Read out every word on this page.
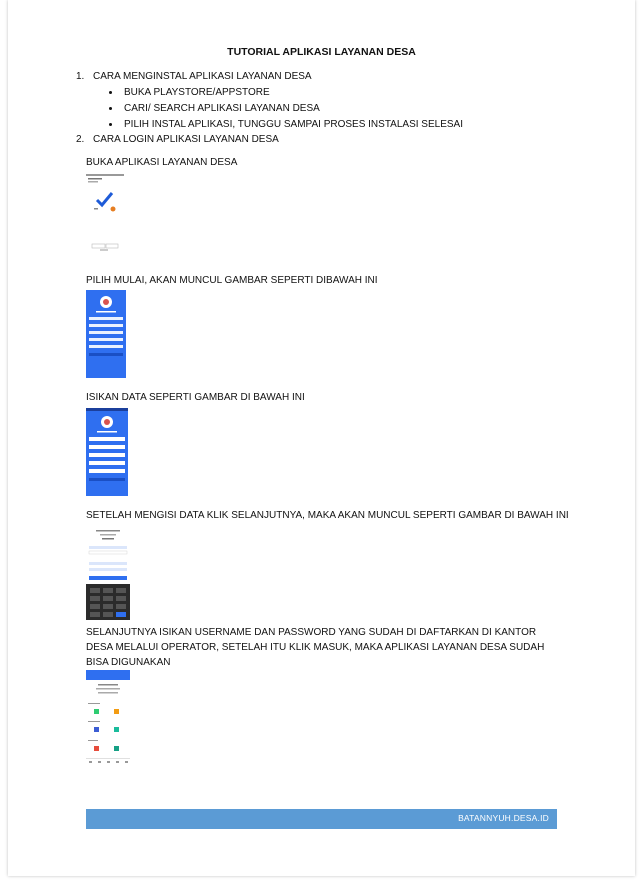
TUTORIAL APLIKASI LAYANAN DESA
1. CARA MENGINSTAL APLIKASI LAYANAN DESA
BUKA PLAYSTORE/APPSTORE
CARI/ SEARCH APLIKASI LAYANAN DESA
PILIH INSTAL APLIKASI, TUNGGU SAMPAI PROSES INSTALASI SELESAI
2. CARA LOGIN APLIKASI LAYANAN DESA
BUKA APLIKASI LAYANAN DESA
PILIH MULAI, AKAN MUNCUL GAMBAR SEPERTI DIBAWAH INI
ISIKAN DATA SEPERTI GAMBAR DI BAWAH INI
SETELAH MENGISI DATA KLIK SELANJUTNYA, MAKA AKAN MUNCUL SEPERTI GAMBAR DI BAWAH INI
SELANJUTNYA ISIKAN USERNAME DAN PASSWORD YANG SUDAH DI DAFTARKAN DI KANTOR DESA MELALUI OPERATOR, SETELAH ITU KLIK MASUK, MAKA APLIKASI LAYANAN DESA SUDAH BISA DIGUNAKAN
BATANNYUH.DESA.ID
